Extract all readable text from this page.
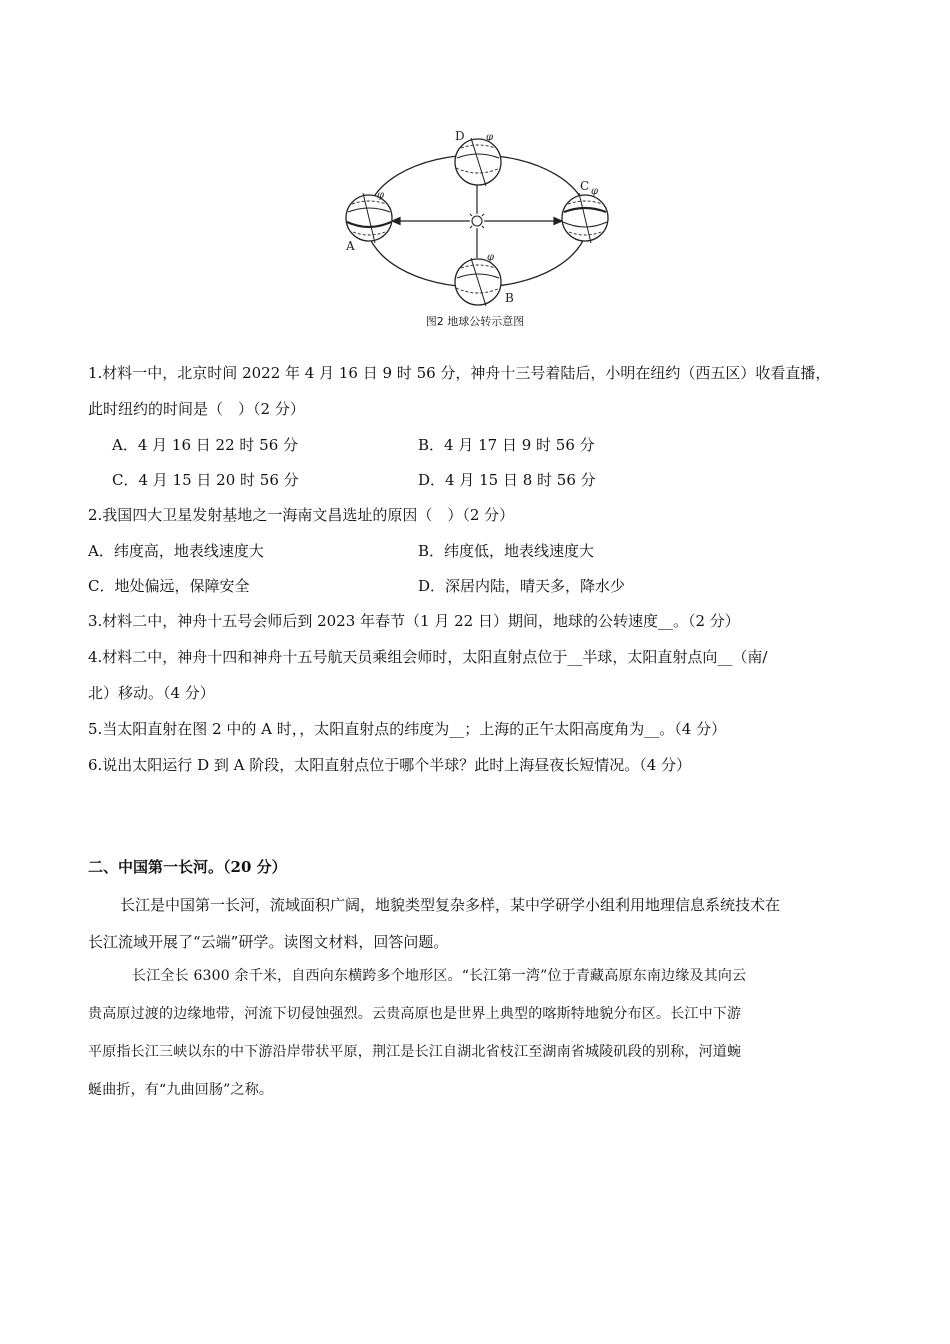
φ
A
φ
D
φ
C
φ
B
图2 地球公转示意图
1.材料一中，北京时间 2022 年 4 月 16 日 9 时 56 分，神舟十三号着陆后，小明在纽约（西五区）收看直播，
此时纽约的时间是（　）（2 分）
A．4 月 16 日 22 时 56 分	B．4 月 17 日 9 时 56 分
C．4 月 15 日 20 时 56 分	D．4 月 15 日 8 时 56 分
2.我国四大卫星发射基地之一海南文昌选址的原因（　）（2 分）
A．纬度高，地表线速度大	B．纬度低，地表线速度大
C．地处偏远，保障安全	D．深居内陆，晴天多，降水少
3.材料二中，神舟十五号会师后到 2023 年春节（1 月 22 日）期间，地球的公转速度__。（2 分）
4.材料二中，神舟十四和神舟十五号航天员乘组会师时，太阳直射点位于__半球，太阳直射点向__（南/
北）移动。（4 分）
5.当太阳直射在图 2 中的 A 时，，太阳直射点的纬度为__；上海的正午太阳高度角为__。（4 分）
6.说出太阳运行 D 到 A 阶段，太阳直射点位于哪个半球？此时上海昼夜长短情况。（4 分）
二、中国第一长河。（20 分）
长江是中国第一长河，流域面积广阔，地貌类型复杂多样，某中学研学小组利用地理信息系统技术在
长江流域开展了“云端”研学。读图文材料，回答问题。
长江全长 6300 余千米，自西向东横跨多个地形区。“长江第一湾”位于青藏高原东南边缘及其向云
贵高原过渡的边缘地带，河流下切侵蚀强烈。云贵高原也是世界上典型的喀斯特地貌分布区。长江中下游
平原指长江三峡以东的中下游沿岸带状平原，荆江是长江自湖北省枝江至湖南省城陵矶段的别称，河道蜿
蜒曲折，有“九曲回肠”之称。
